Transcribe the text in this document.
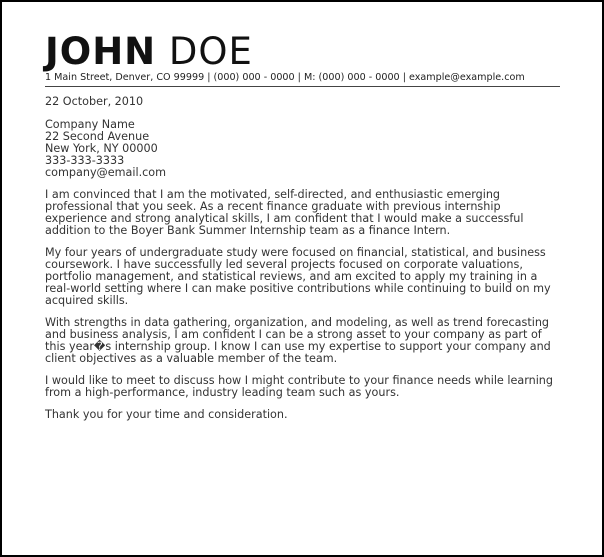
JOHN DOE
1 Main Street, Denver, CO 99999 | (000) 000 - 0000 | M: (000) 000 - 0000 | example@example.com
22 October, 2010
Company Name
22 Second Avenue
New York, NY 00000
333-333-3333
company@email.com
I am convinced that I am the motivated, self-directed, and enthusiastic emerging professional that you seek. As a recent finance graduate with previous internship experience and strong analytical skills, I am confident that I would make a successful addition to the Boyer Bank Summer Internship team as a finance Intern.
My four years of undergraduate study were focused on financial, statistical, and business coursework. I have successfully led several projects focused on corporate valuations, portfolio management, and statistical reviews, and am excited to apply my training in a real-world setting where I can make positive contributions while continuing to build on my acquired skills.
With strengths in data gathering, organization, and modeling, as well as trend forecasting and business analysis, I am confident I can be a strong asset to your company as part of this year�s internship group. I know I can use my expertise to support your company and client objectives as a valuable member of the team.
I would like to meet to discuss how I might contribute to your finance needs while learning from a high-performance, industry leading team such as yours.
Thank you for your time and consideration.
